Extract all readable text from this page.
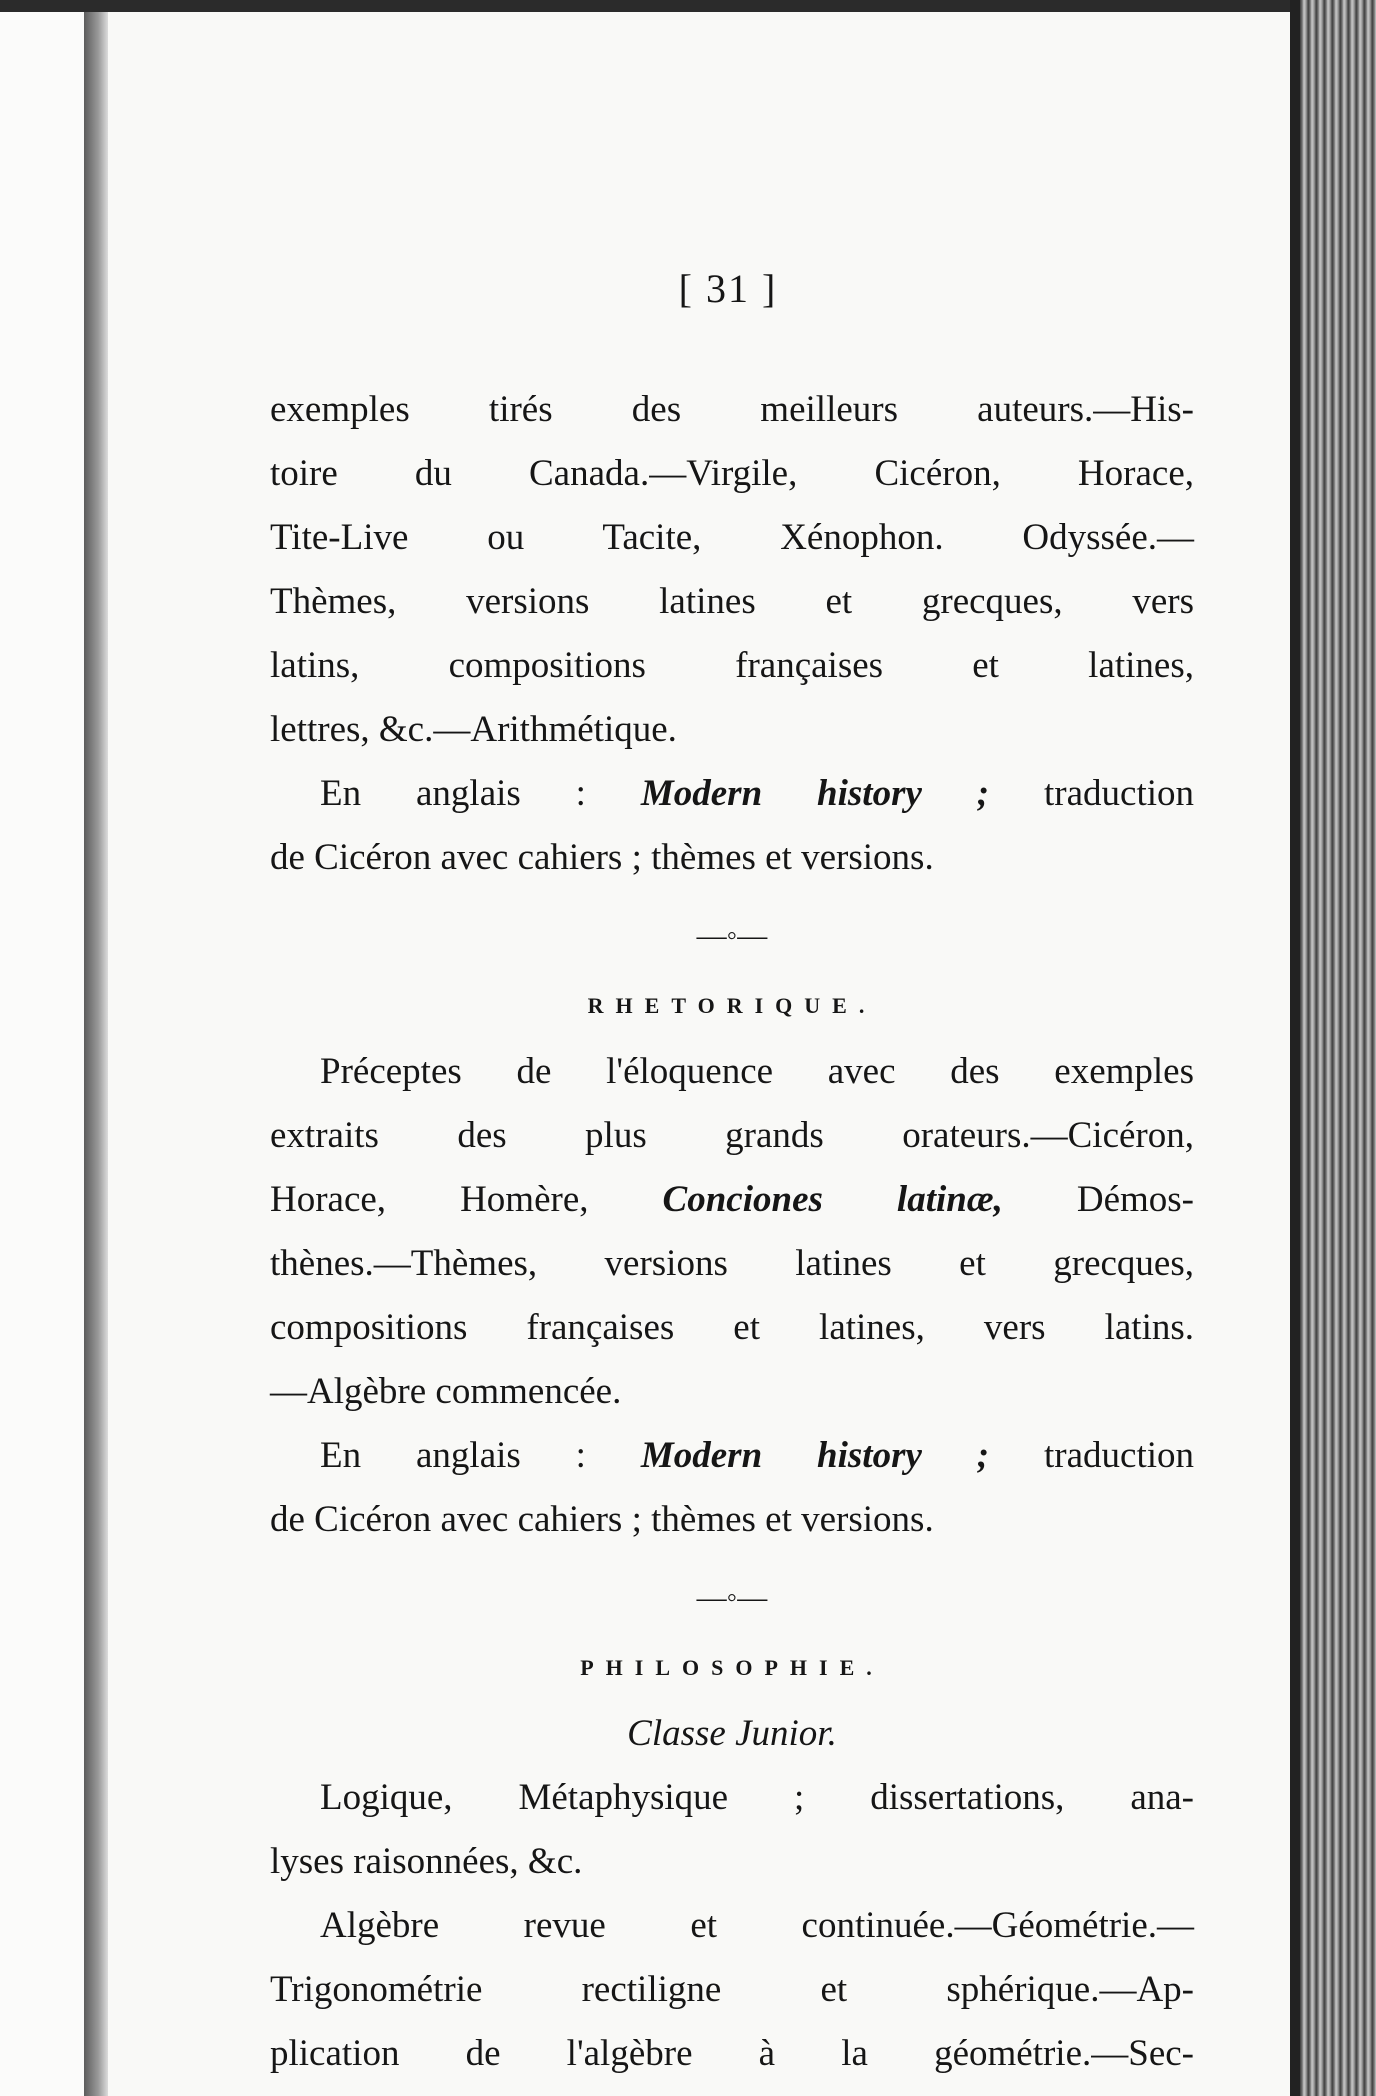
[ 31 ]
exemples tirés des meilleurs auteurs.—His-
toire du Canada.—Virgile, Cicéron, Horace,
Tite-Live ou Tacite, Xénophon. Odyssée.—
Thèmes, versions latines et grecques, vers
latins, compositions françaises et latines,
lettres, &c.—Arithmétique.
En anglais : Modern history ; traduction
de Cicéron avec cahiers ; thèmes et versions.
—◦—
RHETORIQUE.
Préceptes de l'éloquence avec des exemples
extraits des plus grands orateurs.—Cicéron,
Horace, Homère, Conciones latinæ, Démos-
thènes.—Thèmes, versions latines et grecques,
compositions françaises et latines, vers latins.
—Algèbre commencée.
En anglais : Modern history ; traduction
de Cicéron avec cahiers ; thèmes et versions.
—◦—
PHILOSOPHIE.
Classe Junior.
Logique, Métaphysique ; dissertations, ana-
lyses raisonnées, &c.
Algèbre revue et continuée.—Géométrie.—
Trigonométrie rectiligne et sphérique.—Ap-
plication de l'algèbre à la géométrie.—Sec-
